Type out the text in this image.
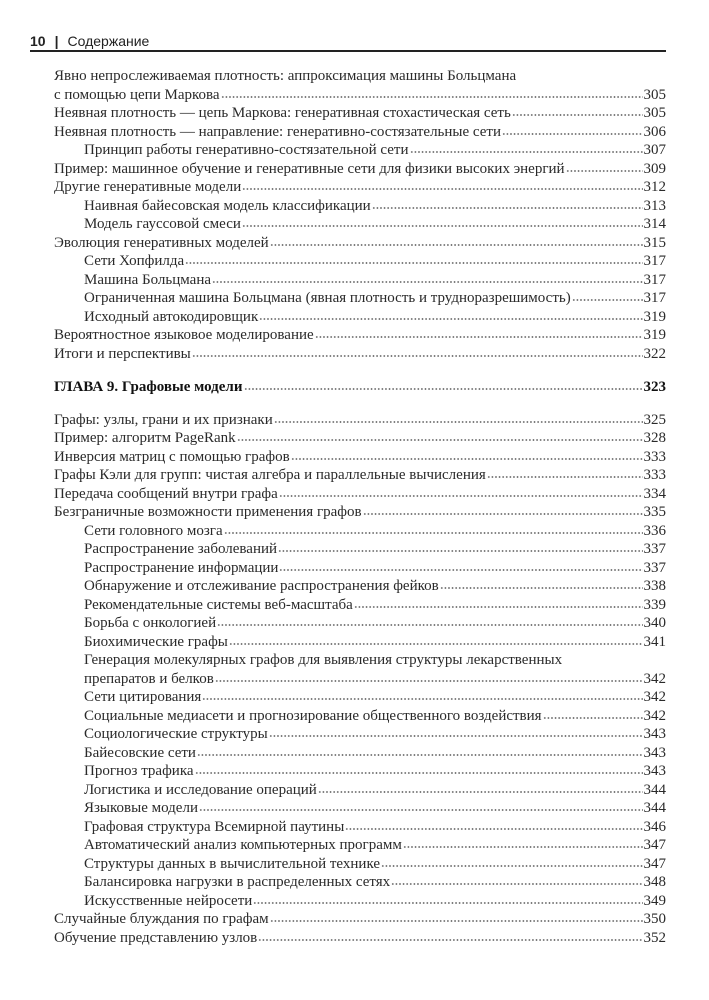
10 | Содержание
Явно непрослеживаемая плотность: аппроксимация машины Больцмана
с помощью цепи Маркова	305
Неявная плотность — цепь Маркова: генеративная стохастическая сеть	305
Неявная плотность — направление: генеративно-состязательные сети	306
Принцип работы генеративно-состязательной сети	307
Пример: машинное обучение и генеративные сети для физики высоких энергий	309
Другие генеративные модели	312
Наивная байесовская модель классификации	313
Модель гауссовой смеси	314
Эволюция генеративных моделей	315
Сети Хопфилда	317
Машина Больцмана	317
Ограниченная машина Больцмана (явная плотность и трудноразрешимость)	317
Исходный автокодировщик	319
Вероятностное языковое моделирование	319
Итоги и перспективы	322
ГЛАВА 9. Графовые модели	323
Графы: узлы, грани и их признаки	325
Пример: алгоритм PageRank	328
Инверсия матриц с помощью графов	333
Графы Кэли для групп: чистая алгебра и параллельные вычисления	333
Передача сообщений внутри графа	334
Безграничные возможности применения графов	335
Сети головного мозга	336
Распространение заболеваний	337
Распространение информации	337
Обнаружение и отслеживание распространения фейков	338
Рекомендательные системы веб-масштаба	339
Борьба с онкологией	340
Биохимические графы	341
Генерация молекулярных графов для выявления структуры лекарственных
препаратов и белков	342
Сети цитирования	342
Социальные медиасети и прогнозирование общественного воздействия	342
Социологические структуры	343
Байесовские сети	343
Прогноз трафика	343
Логистика и исследование операций	344
Языковые модели	344
Графовая структура Всемирной паутины	346
Автоматический анализ компьютерных программ	347
Структуры данных в вычислительной технике	347
Балансировка нагрузки в распределенных сетях	348
Искусственные нейросети	349
Случайные блуждания по графам	350
Обучение представлению узлов	352
